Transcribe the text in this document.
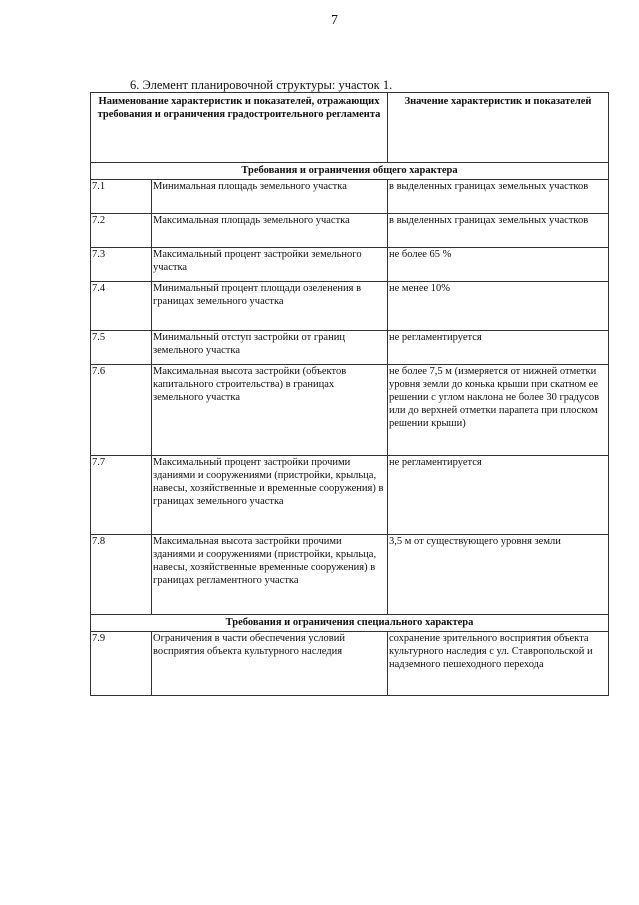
7
6. Элемент планировочной структуры: участок 1.
Наименование характеристик и показателей, отражающих требования и ограничения градостроительного регламента		Значение характеристик и показателей
Требования и ограничения общего характера		
7.1	Минимальная площадь земельного участка	в выделенных границах земельных участков
7.2	Максимальная площадь земельного участка	в выделенных границах земельных участков
7.3	Максимальный процент застройки земельного участка	не более 65 %
7.4	Минимальный процент площади озеленения в границах земельного участка	не менее 10%
7.5	Минимальный отступ застройки от границ земельного участка	не регламентируется
7.6	Максимальная высота застройки (объектов капитального строительства) в границах земельного участка	не более 7,5 м (измеряется от нижней отметки уровня земли до конька крыши при скатном ее решении с углом наклона не более 30 градусов или до верхней отметки парапета при плоском решении крыши)
7.7	Максимальный процент застройки прочими зданиями и сооружениями (пристройки, крыльца, навесы, хозяйственные и временные сооружения) в границах земельного участка	не регламентируется
7.8	Максимальная высота застройки прочими зданиями и сооружениями (пристройки, крыльца, навесы, хозяйственные временные сооружения) в границах регламентного участка	3,5 м от существующего уровня земли
Требования и ограничения специального характера		
7.9	Ограничения в части обеспечения условий восприятия объекта культурного наследия	сохранение зрительного восприятия объекта культурного наследия с ул. Ставропольской и надземного пешеходного перехода
